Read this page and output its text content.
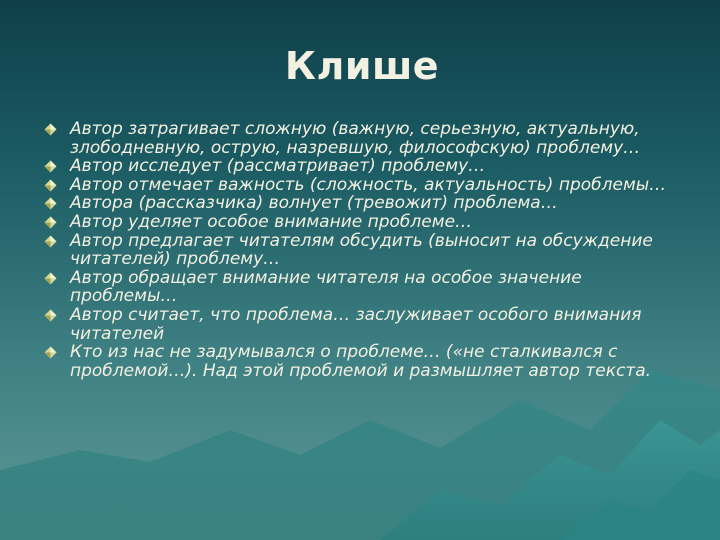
Клише
Автор затрагивает сложную (важную, серьезную, актуальную, злободневную, острую, назревшую, философскую) проблему…
Автор исследует (рассматривает) проблему…
Автор отмечает важность (сложность, актуальность) проблемы…
Автора (рассказчика) волнует (тревожит) проблема…
Автор уделяет особое внимание проблеме…
Автор предлагает читателям обсудить (выносит на обсуждение читателей) проблему…
Автор обращает внимание читателя на особое значение проблемы…
Автор считает, что проблема… заслуживает особого внимания читателей
Кто из нас не задумывался о проблеме… («не сталкивался с проблемой…). Над этой проблемой и размышляет автор текста.
